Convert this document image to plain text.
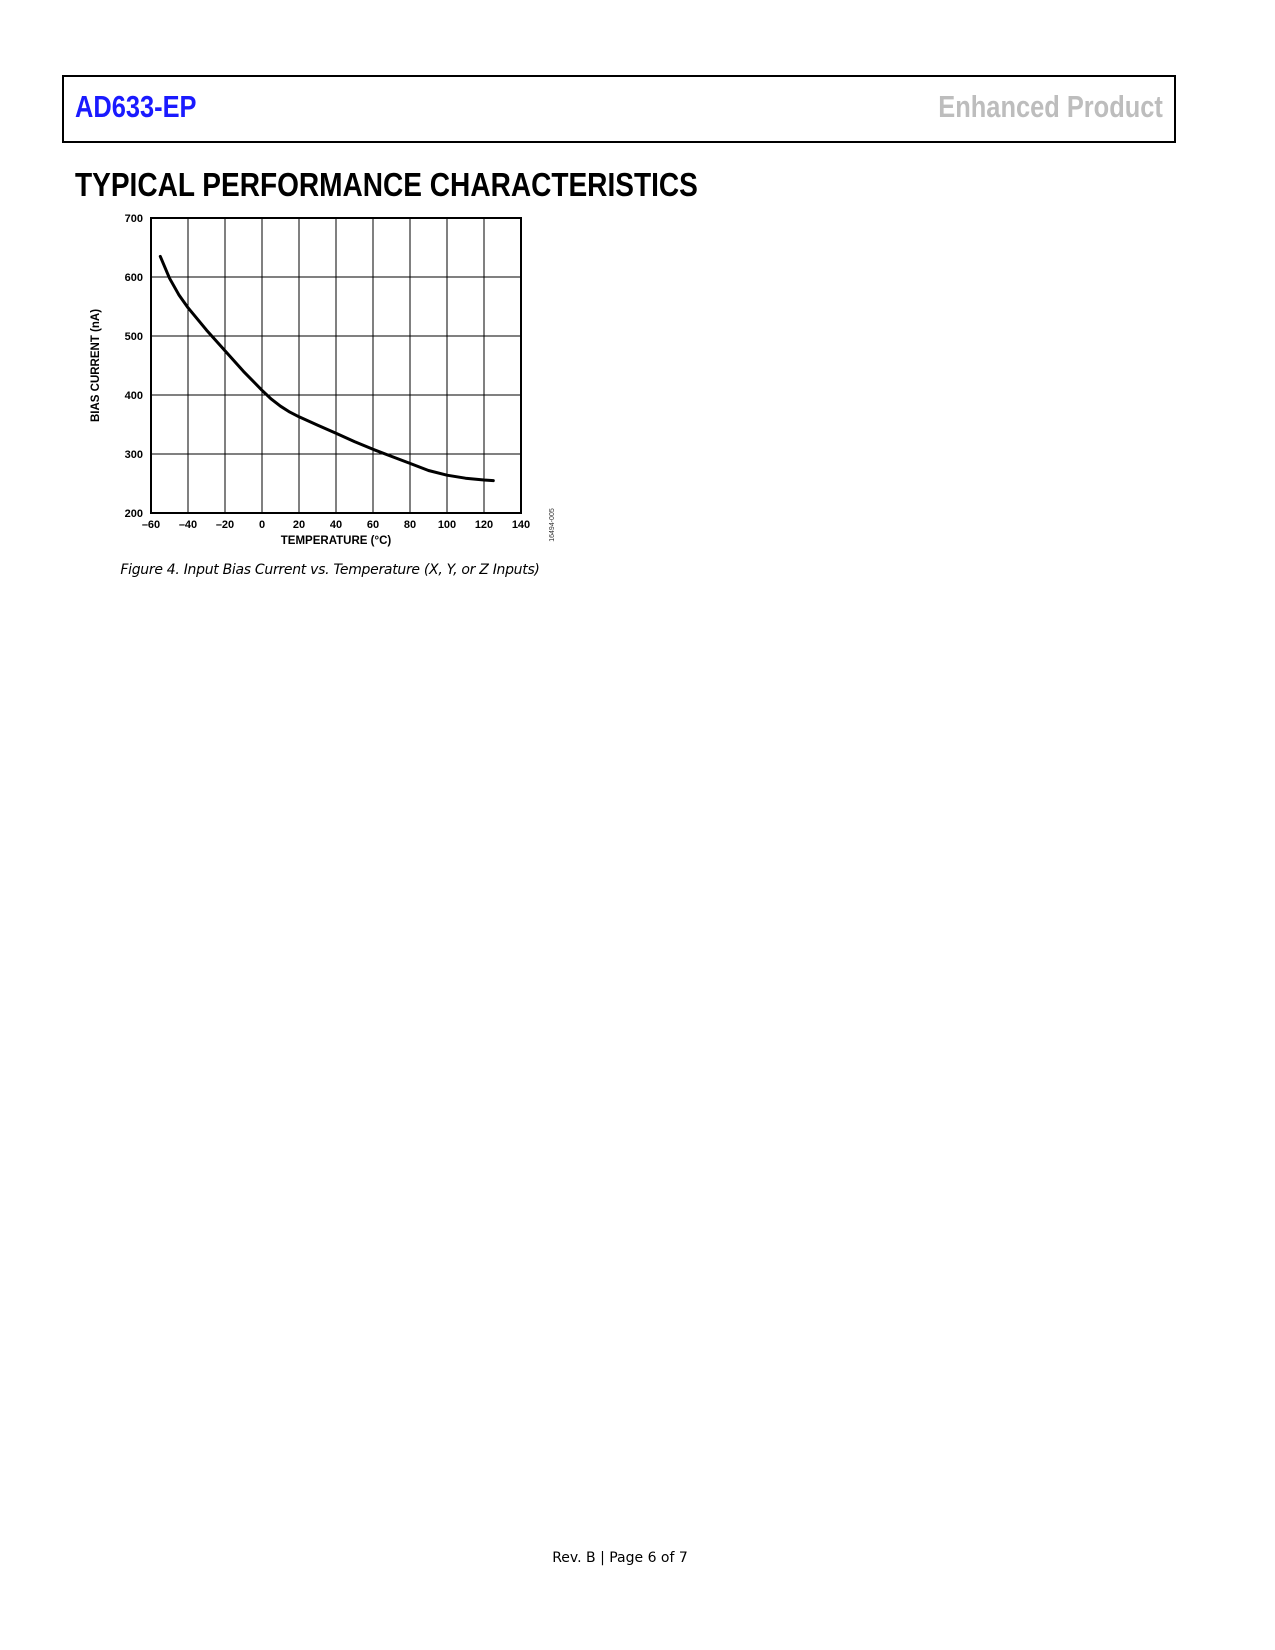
AD633-EP	Enhanced Product
TYPICAL PERFORMANCE CHARACTERISTICS
–60 –40 –20 0	20 40 60 80 100 120 140
200
300
400
500
600
700
TEMPERATURE (°C)
BIAS CURRENT (nA)
16494-005
Figure 4. Input Bias Current vs. Temperature (X, Y, or Z Inputs)
Rev. B | Page 6 of 7
